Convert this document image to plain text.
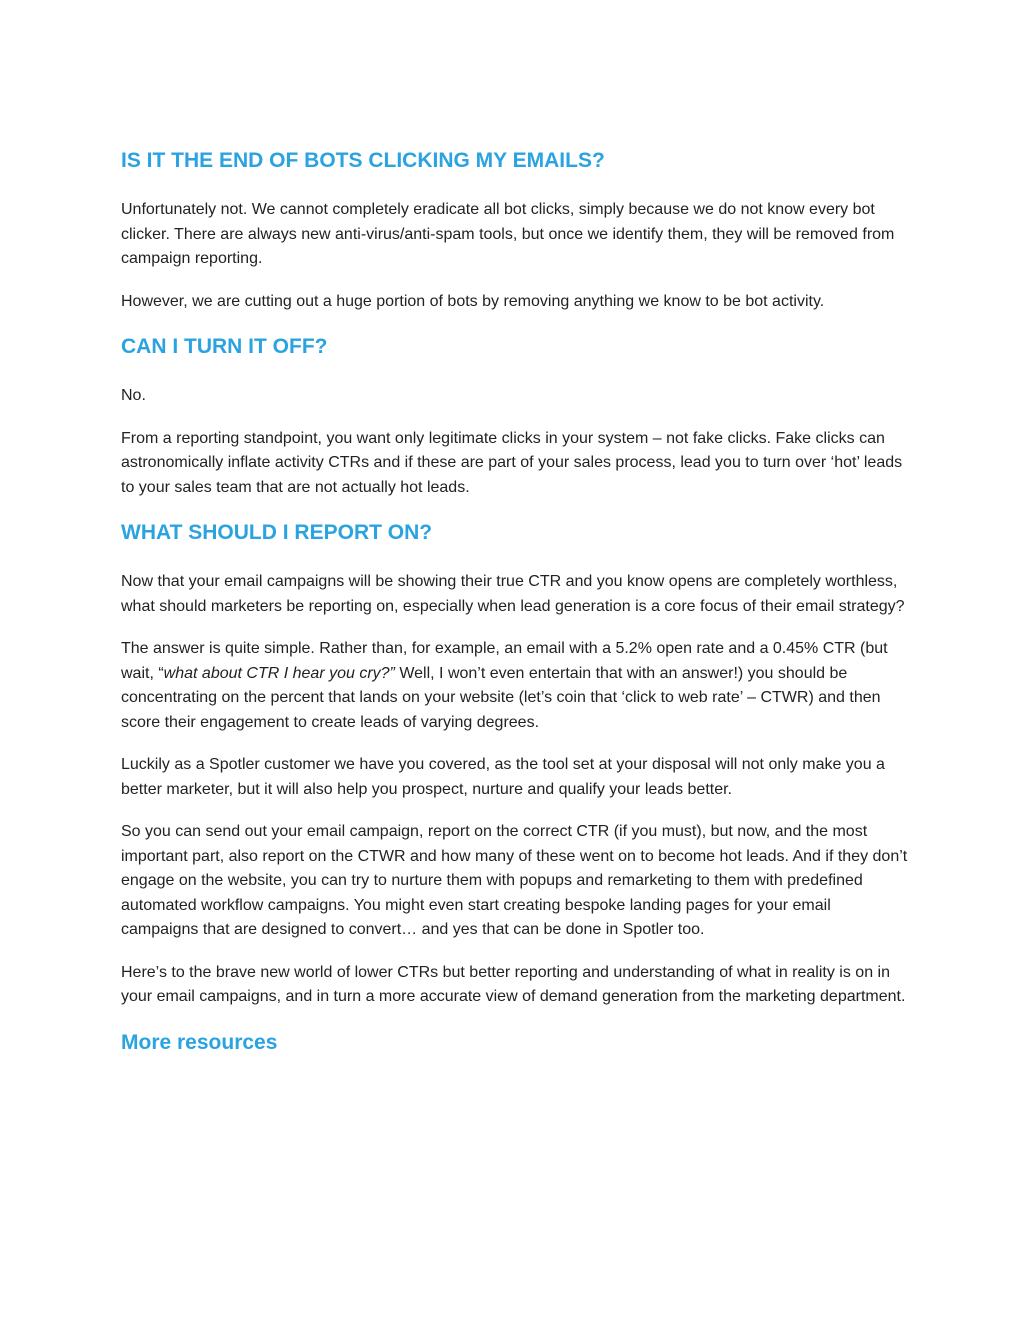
IS IT THE END OF BOTS CLICKING MY EMAILS?

Unfortunately not. We cannot completely eradicate all bot clicks, simply because we do not know every bot clicker. There are always new anti-virus/anti-spam tools, but once we identify them, they will be removed from campaign reporting.

However, we are cutting out a huge portion of bots by removing anything we know to be bot activity.

CAN I TURN IT OFF?

No.

From a reporting standpoint, you want only legitimate clicks in your system – not fake clicks. Fake clicks can astronomically inflate activity CTRs and if these are part of your sales process, lead you to turn over ‘hot’ leads to your sales team that are not actually hot leads.

WHAT SHOULD I REPORT ON?

Now that your email campaigns will be showing their true CTR and you know opens are completely worthless, what should marketers be reporting on, especially when lead generation is a core focus of their email strategy?

The answer is quite simple. Rather than, for example, an email with a 5.2% open rate and a 0.45% CTR (but wait, “what about CTR I hear you cry?” Well, I won’t even entertain that with an answer!) you should be concentrating on the percent that lands on your website (let’s coin that ‘click to web rate’ – CTWR) and then score their engagement to create leads of varying degrees.

Luckily as a Spotler customer we have you covered, as the tool set at your disposal will not only make you a better marketer, but it will also help you prospect, nurture and qualify your leads better.

So you can send out your email campaign, report on the correct CTR (if you must), but now, and the most important part, also report on the CTWR and how many of these went on to become hot leads. And if they don’t engage on the website, you can try to nurture them with popups and remarketing to them with predefined automated workflow campaigns. You might even start creating bespoke landing pages for your email campaigns that are designed to convert… and yes that can be done in Spotler too.

Here’s to the brave new world of lower CTRs but better reporting and understanding of what in reality is on in your email campaigns, and in turn a more accurate view of demand generation from the marketing department.

More resources
